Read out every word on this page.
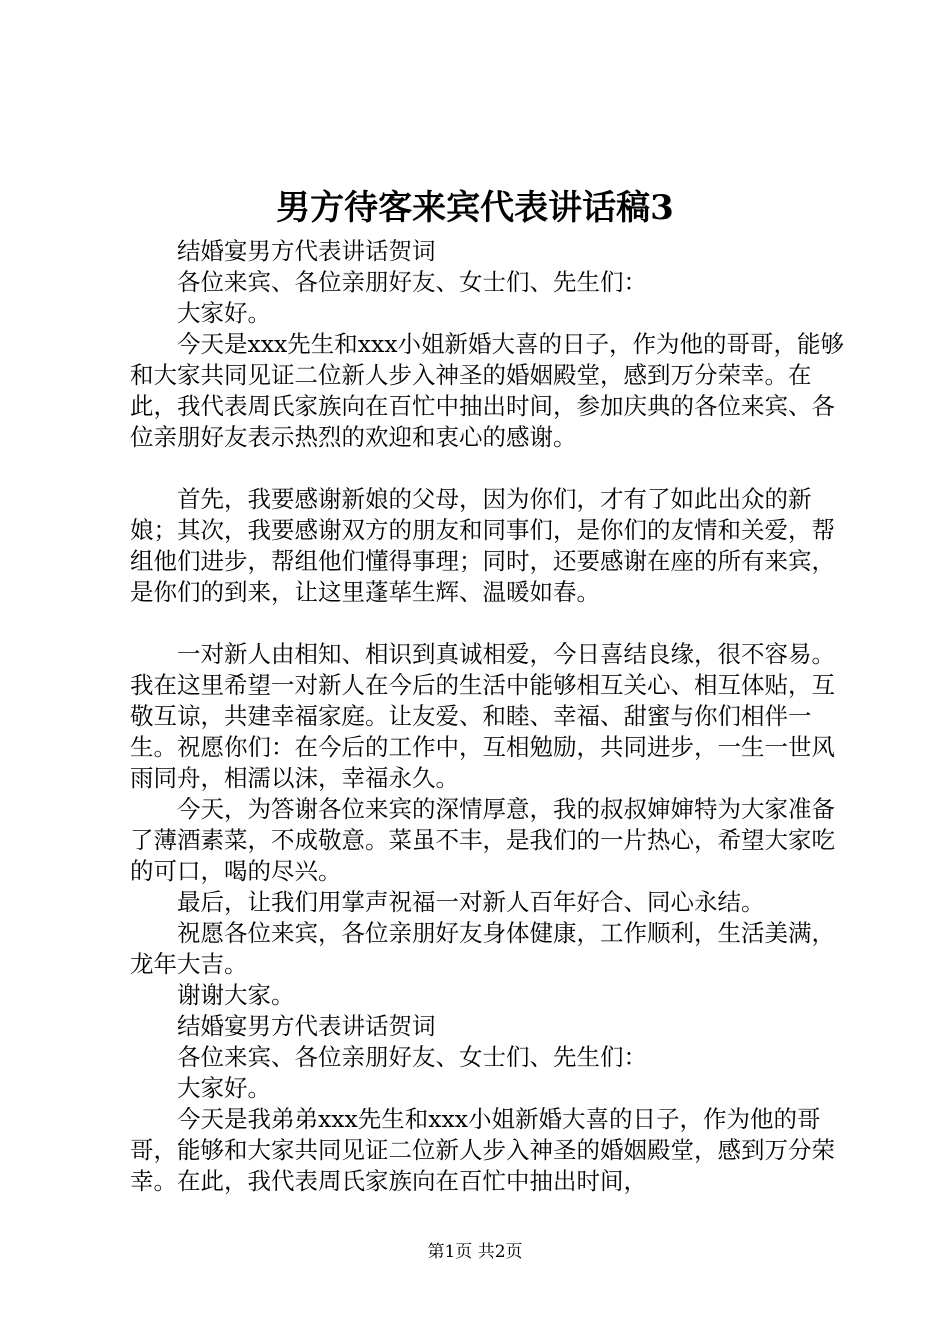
男方待客来宾代表讲话稿3

结婚宴男方代表讲话贺词

各位来宾、各位亲朋好友、女士们、先生们：

大家好。

今天是xxx先生和xxx小姐新婚大喜的日子，作为他的哥哥，能够和大家共同见证二位新人步入神圣的婚姻殿堂，感到万分荣幸。在此，我代表周氏家族向在百忙中抽出时间，参加庆典的各位来宾、各位亲朋好友表示热烈的欢迎和衷心的感谢。

首先，我要感谢新娘的父母，因为你们，才有了如此出众的新娘；其次，我要感谢双方的朋友和同事们，是你们的友情和关爱，帮组他们进步，帮组他们懂得事理；同时，还要感谢在座的所有来宾，是你们的到来，让这里蓬荜生辉、温暖如春。

一对新人由相知、相识到真诚相爱，今日喜结良缘，很不容易。我在这里希望一对新人在今后的生活中能够相互关心、相互体贴，互敬互谅，共建幸福家庭。让友爱、和睦、幸福、甜蜜与你们相伴一生。祝愿你们：在今后的工作中，互相勉励，共同进步，一生一世风雨同舟，相濡以沫，幸福永久。

今天，为答谢各位来宾的深情厚意，我的叔叔婶婶特为大家准备了薄酒素菜，不成敬意。菜虽不丰，是我们的一片热心，希望大家吃的可口，喝的尽兴。

最后，让我们用掌声祝福一对新人百年好合、同心永结。

祝愿各位来宾，各位亲朋好友身体健康，工作顺利，生活美满，龙年大吉。

谢谢大家。

结婚宴男方代表讲话贺词

各位来宾、各位亲朋好友、女士们、先生们：

大家好。

今天是我弟弟xxx先生和xxx小姐新婚大喜的日子，作为他的哥哥，能够和大家共同见证二位新人步入神圣的婚姻殿堂，感到万分荣幸。在此，我代表周氏家族向在百忙中抽出时间，

第1页 共2页
